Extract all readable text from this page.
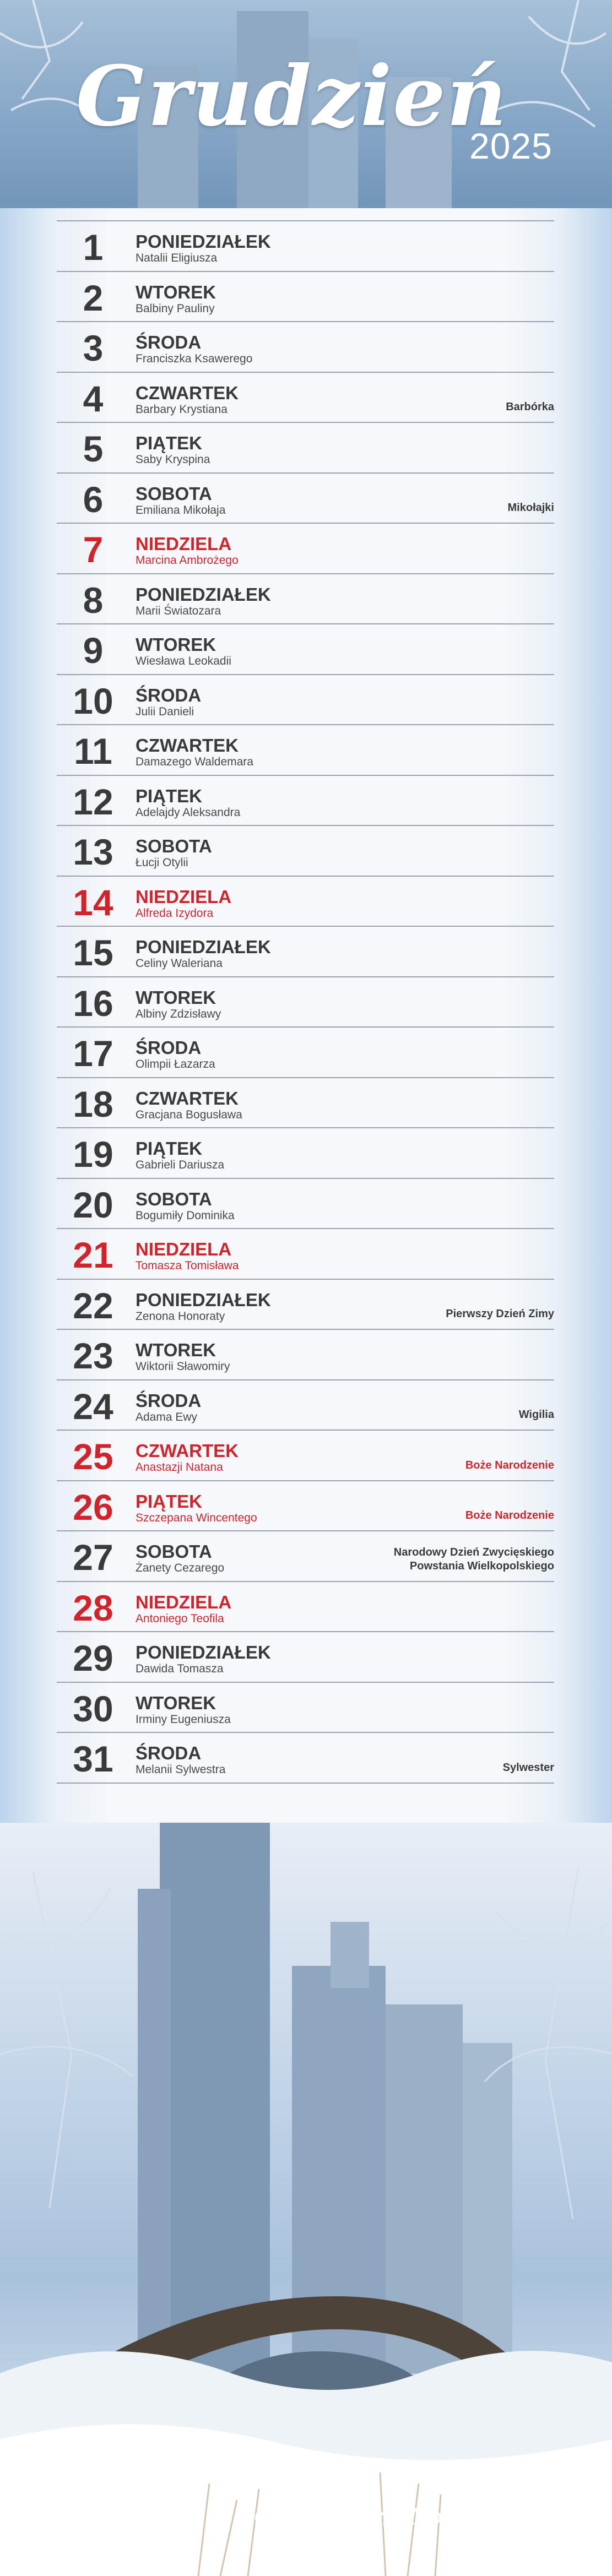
Grudzień
2025
1	PONIEDZIAŁEK
Natalii Eligiusza
2	WTOREK
Balbiny Pauliny
3	ŚRODA
Franciszka Ksawerego
4	CZWARTEK
Barbary Krystiana	Barbórka
5	PIĄTEK
Saby Kryspina
6	SOBOTA
Emiliana Mikołaja	Mikołajki
7	NIEDZIELA
Marcina Ambrożego
8	PONIEDZIAŁEK
Marii Światozara
9	WTOREK
Wiesława Leokadii
10	ŚRODA
Julii Danieli
11	CZWARTEK
Damazego Waldemara
12	PIĄTEK
Adelajdy Aleksandra
13	SOBOTA
Łucji Otylii
14	NIEDZIELA
Alfreda Izydora
15	PONIEDZIAŁEK
Celiny Waleriana
16	WTOREK
Albiny Zdzisławy
17	ŚRODA
Olimpii Łazarza
18	CZWARTEK
Gracjana Bogusława
19	PIĄTEK
Gabrieli Dariusza
20	SOBOTA
Bogumiły Dominika
21	NIEDZIELA
Tomasza Tomisława
22	PONIEDZIAŁEK
Zenona Honoraty	Pierwszy Dzień Zimy
23	WTOREK
Wiktorii Sławomiry
24	ŚRODA
Adama Ewy	Wigilia
25	CZWARTEK
Anastazji Natana	Boże Narodzenie
26	PIĄTEK
Szczepana Wincentego	Boże Narodzenie
27	SOBOTA
Żanety Cezarego
Narodowy Dzień Zwycięskiego
Powstania Wielkopolskiego
28	NIEDZIELA
Antoniego Teofila
29	PONIEDZIAŁEK
Dawida Tomasza
30	WTOREK
Irminy Eugeniusza
31	ŚRODA
Melanii Sylwestra	Sylwester
Central Park, Nowy Jork, USA
